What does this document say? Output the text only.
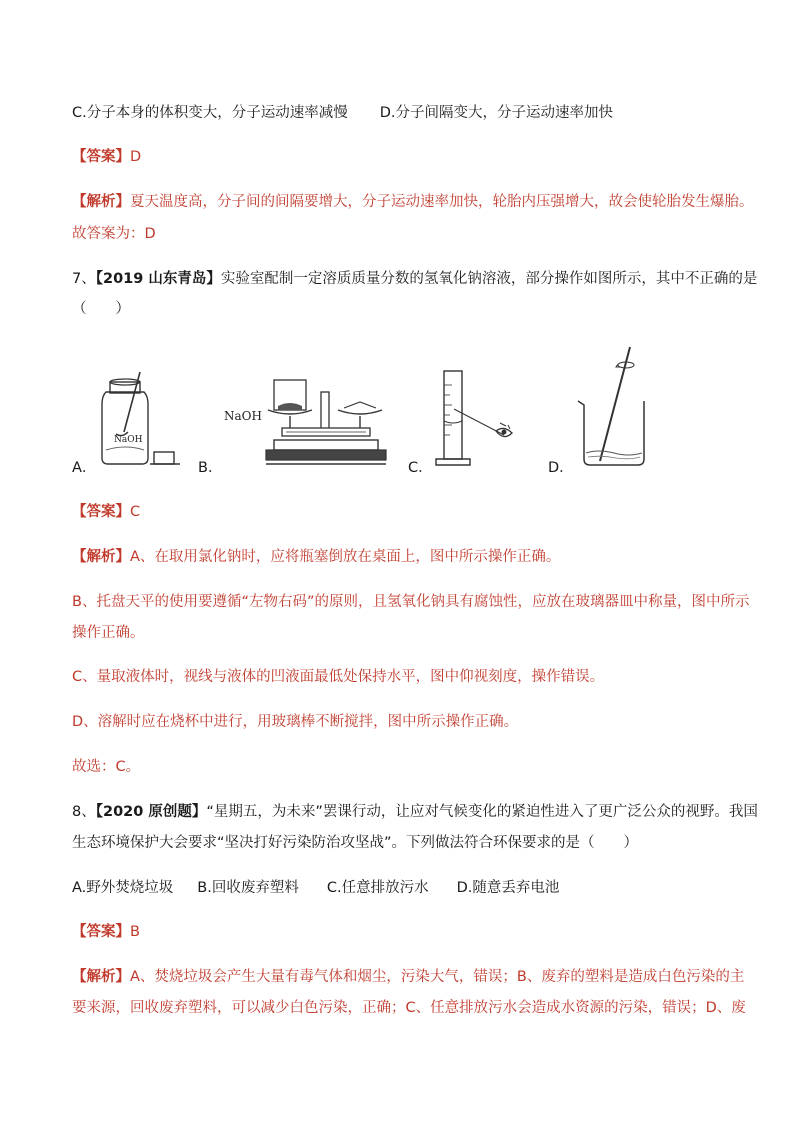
C.分子本身的体积变大，分子运动速率减慢 D.分子间隔变大，分子运动速率加快
【答案】D
【解析】夏天温度高，分子间的间隔要增大，分子运动速率加快，轮胎内压强增大，故会使轮胎发生爆胎。
故答案为：D
7、【2019 山东青岛】实验室配制一定溶质质量分数的氢氧化钠溶液，部分操作如图所示，其中不正确的是
（　　）
A．
NaOH
B．
NaOH
C．	D．
【答案】C
【解析】A、在取用氯化钠时，应将瓶塞倒放在桌面上，图中所示操作正确。
B、托盘天平的使用要遵循“左物右码”的原则，且氢氧化钠具有腐蚀性，应放在玻璃器皿中称量，图中所示
操作正确。
C、量取液体时，视线与液体的凹液面最低处保持水平，图中仰视刻度，操作错误。
D、溶解时应在烧杯中进行，用玻璃棒不断搅拌，图中所示操作正确。
故选：C。
8、【2020 原创题】“星期五，为未来”罢课行动，让应对气候变化的紧迫性进入了更广泛公众的视野。我国
生态环境保护大会要求“坚决打好污染防治攻坚战”。下列做法符合环保要求的是（　　）
A.野外焚烧垃圾 B.回收废弃塑料 C.任意排放污水 D.随意丢弃电池
【答案】B
【解析】A、焚烧垃圾会产生大量有毒气体和烟尘，污染大气，错误；B、废弃的塑料是造成白色污染的主
要来源，回收废弃塑料，可以减少白色污染，正确；C、任意排放污水会造成水资源的污染，错误；D、废
